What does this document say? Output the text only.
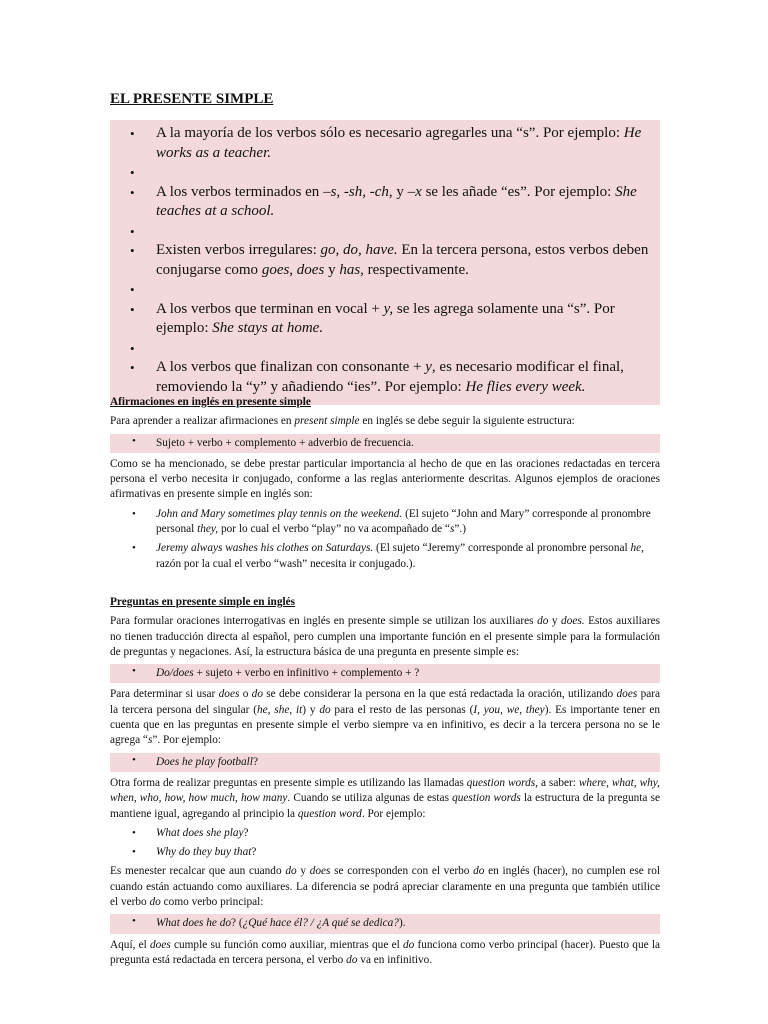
EL PRESENTE SIMPLE
• A la mayoría de los verbos sólo es necesario agregarles una “s”. Por ejemplo: He works as a teacher.
•
• A los verbos terminados en –s, -sh, -ch, y –x se les añade “es”. Por ejemplo: She teaches at a school.
•
• Existen verbos irregulares: go, do, have. En la tercera persona, estos verbos deben conjugarse como goes, does y has, respectivamente.
•
• A los verbos que terminan en vocal + y, se les agrega solamente una “s”. Por ejemplo: She stays at home.
•
• A los verbos que finalizan con consonante + y, es necesario modificar el final, removiendo la “y” y añadiendo “ies”. Por ejemplo: He flies every week.
Afirmaciones en inglés en presente simple

Para aprender a realizar afirmaciones en present simple en inglés se debe seguir la siguiente estructura:

• Sujeto + verbo + complemento + adverbio de frecuencia.

Como se ha mencionado, se debe prestar particular importancia al hecho de que en las oraciones redactadas en tercera persona el verbo necesita ir conjugado, conforme a las reglas anteriormente descritas. Algunos ejemplos de oraciones afirmativas en presente simple en inglés son:

• John and Mary sometimes play tennis on the weekend. (El sujeto “John and Mary” corresponde al pronombre personal they, por lo cual el verbo “play” no va acompañado de “s”.)
• Jeremy always washes his clothes on Saturdays. (El sujeto “Jeremy” corresponde al pronombre personal he, razón por la cual el verbo “wash” necesita ir conjugado.).
Preguntas en presente simple en inglés

Para formular oraciones interrogativas en inglés en presente simple se utilizan los auxiliares do y does. Estos auxiliares no tienen traducción directa al español, pero cumplen una importante función en el presente simple para la formulación de preguntas y negaciones. Así, la estructura básica de una pregunta en presente simple es:

• Do/does + sujeto + verbo en infinitivo + complemento + ?

Para determinar si usar does o do se debe considerar la persona en la que está redactada la oración, utilizando does para la tercera persona del singular (he, she, it) y do para el resto de las personas (I, you, we, they). Es importante tener en cuenta que en las preguntas en presente simple el verbo siempre va en infinitivo, es decir a la tercera persona no se le agrega “s”. Por ejemplo:

• Does he play football?

Otra forma de realizar preguntas en presente simple es utilizando las llamadas question words, a saber: where, what, why, when, who, how, how much, how many. Cuando se utiliza algunas de estas question words la estructura de la pregunta se mantiene igual, agregando al principio la question word. Por ejemplo:

• What does she play?
• Why do they buy that?

Es menester recalcar que aun cuando do y does se corresponden con el verbo do en inglés (hacer), no cumplen ese rol cuando están actuando como auxiliares. La diferencia se podrá apreciar claramente en una pregunta que también utilice el verbo do como verbo principal:

• What does he do? (¿Qué hace él? / ¿A qué se dedica?).

Aquí, el does cumple su función como auxiliar, mientras que el do funciona como verbo principal (hacer). Puesto que la pregunta está redactada en tercera persona, el verbo do va en infinitivo.
